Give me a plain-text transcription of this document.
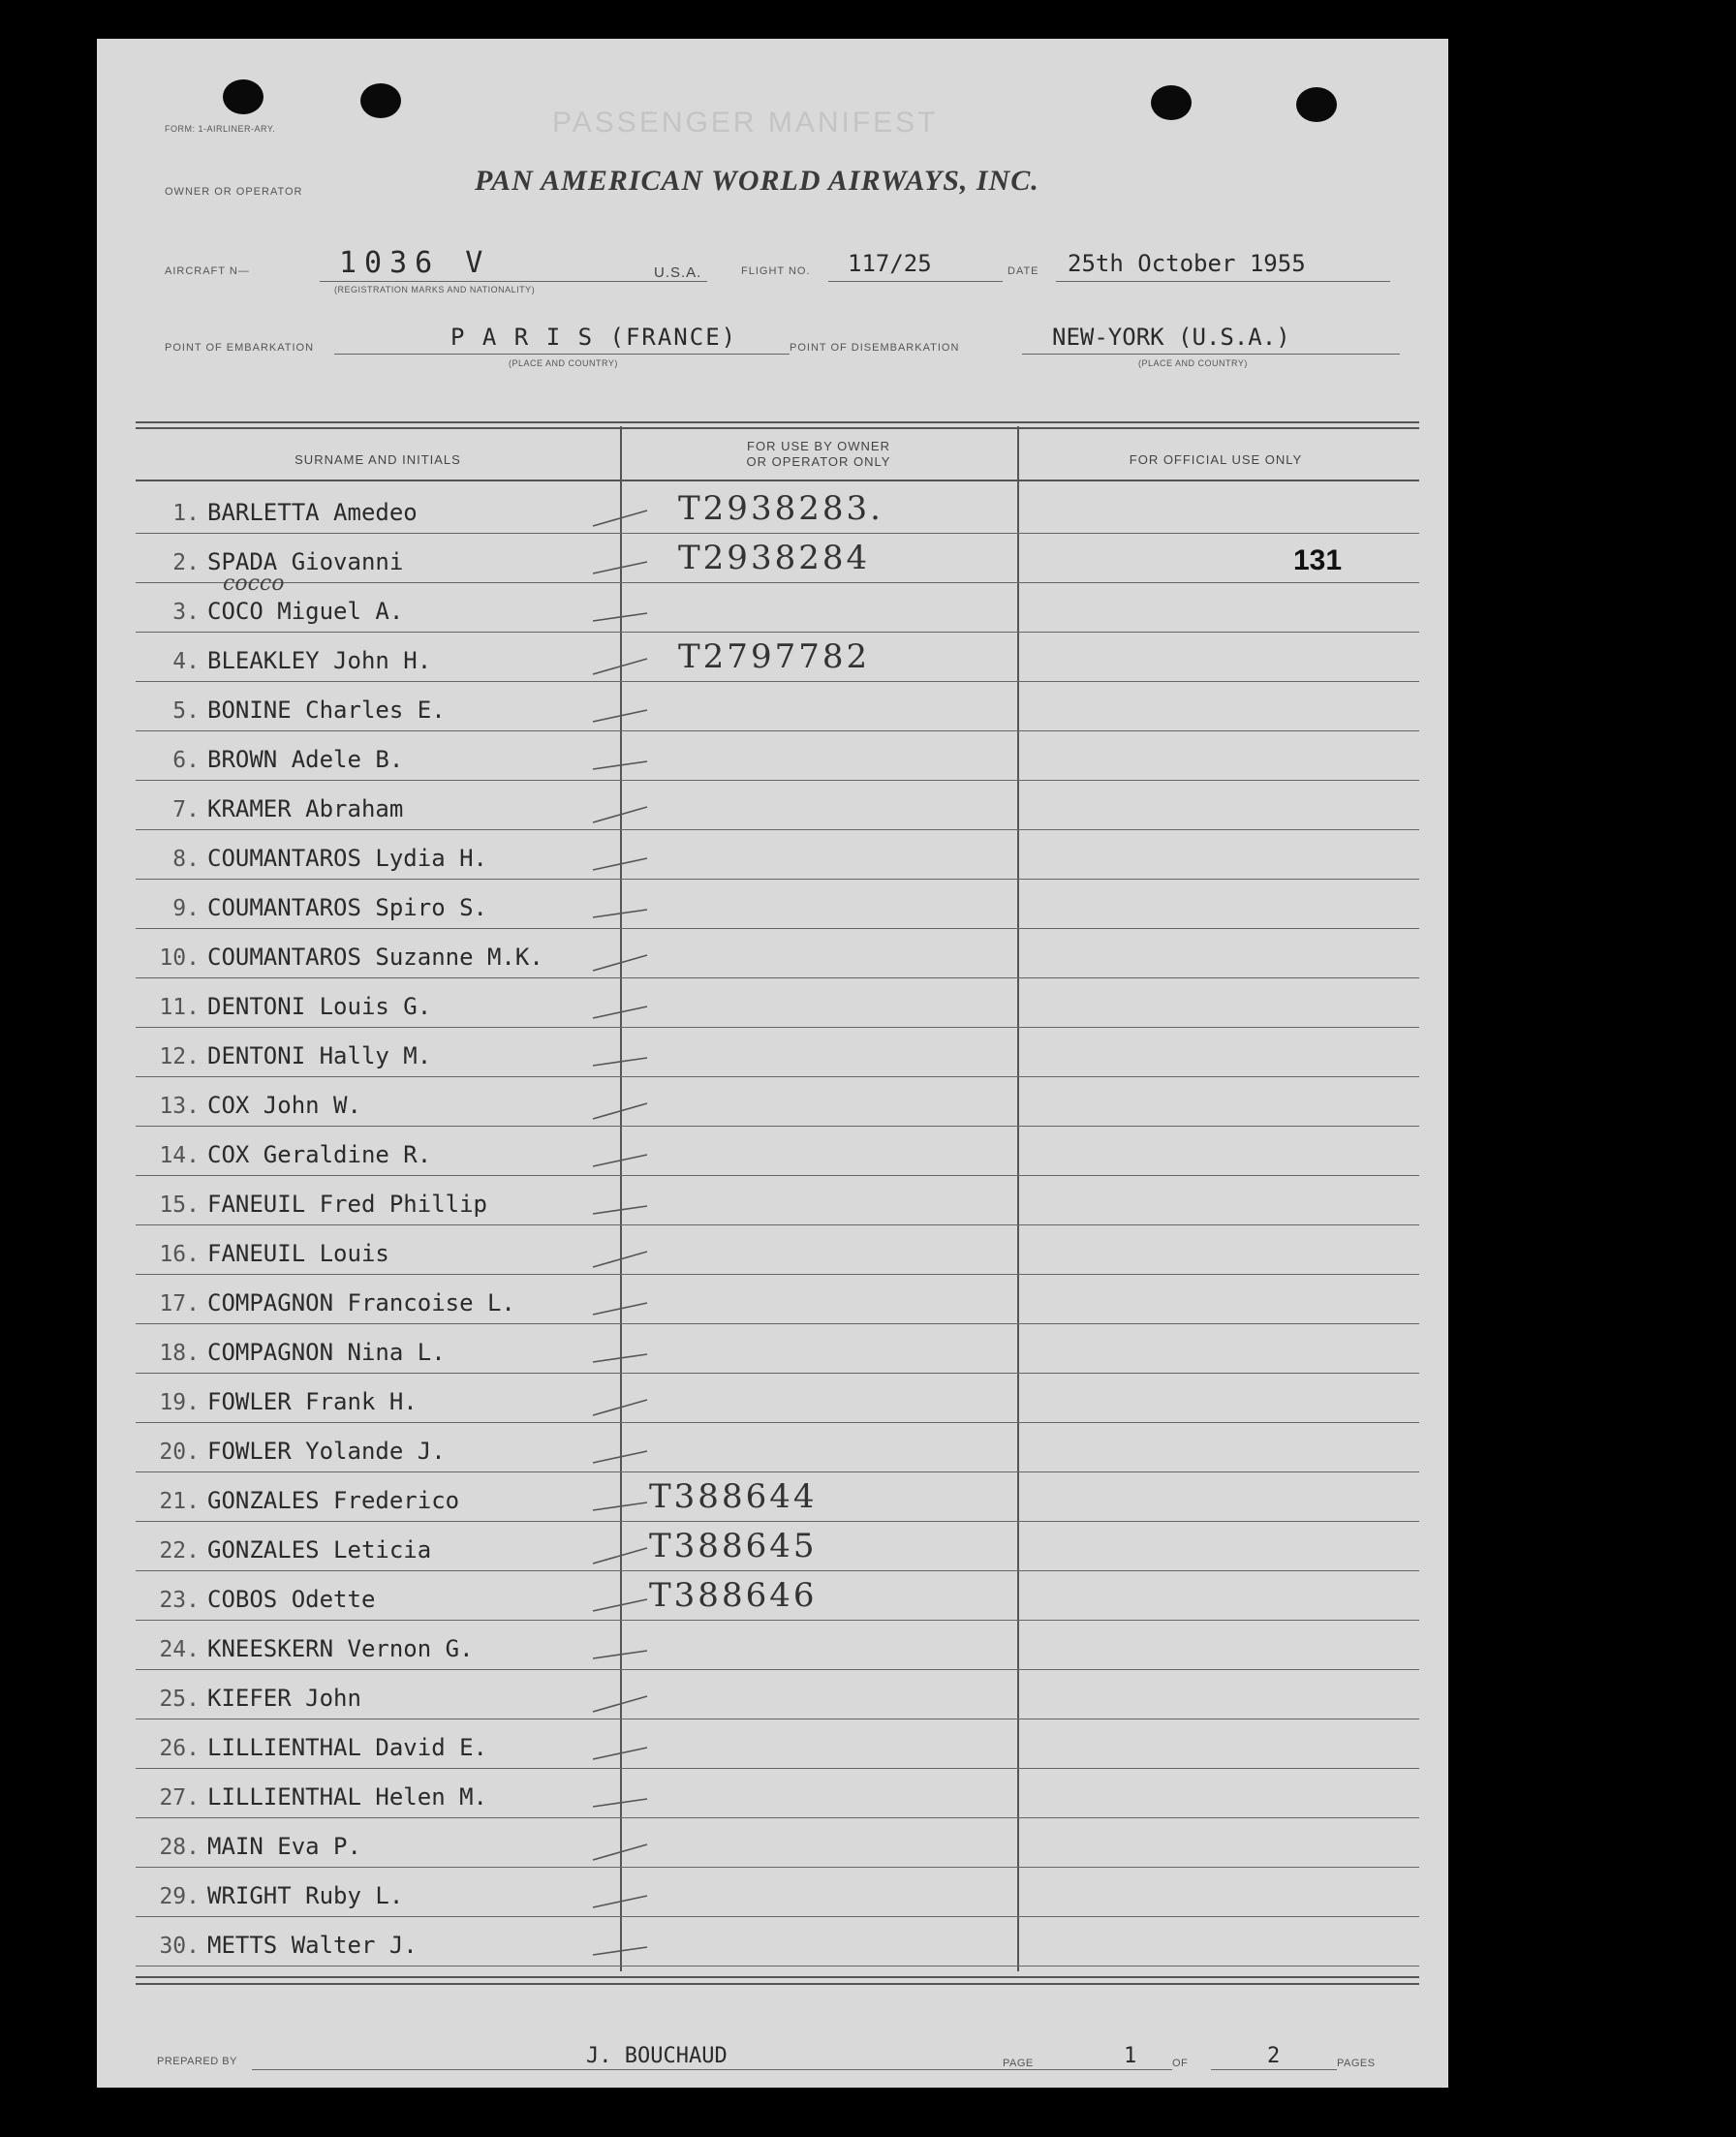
FORM: 1-AIRLINER-ARY.	PASSENGER MANIFEST
OWNER OR OPERATOR	PAN AMERICAN WORLD AIRWAYS, INC.
AIRCRAFT N—	1036 V
(REGISTRATION MARKS AND NATIONALITY)
U.S.A.	FLIGHT NO. 117/25	DATE 25th October 1955
POINT OF EMBARKATION	P A R I S (FRANCE)
(PLACE AND COUNTRY)
POINT OF DISEMBARKATION	NEW-YORK (U.S.A.)
(PLACE AND COUNTRY)
SURNAME AND INITIALS
FOR USE BY OWNER
OR OPERATOR ONLY	FOR OFFICIAL USE ONLY
1. BARLETTA Amedeo	T2938283.
2. SPADA Giovanni	T2938284	131
3. COCO Miguel A.
cocco
4. BLEAKLEY John H.	T2797782
5. BONINE Charles E.
6. BROWN Adele B.
7. KRAMER Abraham
8. COUMANTAROS Lydia H.
9. COUMANTAROS Spiro S.
10. COUMANTAROS Suzanne M.K.
11. DENTONI Louis G.
12. DENTONI Hally M.
13. COX John W.
14. COX Geraldine R.
15. FANEUIL Fred Phillip
16. FANEUIL Louis
17. COMPAGNON Francoise L.
18. COMPAGNON Nina L.
19. FOWLER Frank H.
20. FOWLER Yolande J.
21. GONZALES Frederico	T388644
22. GONZALES Leticia	T388645
23. COBOS Odette	T388646
24. KNEESKERN Vernon G.
25. KIEFER John
26. LILLIENTHAL David E.
27. LILLIENTHAL Helen M.
28. MAIN Eva P.
29. WRIGHT Ruby L.
30. METTS Walter J.
PREPARED BY	J. BOUCHAUD	PAGE	1	OF	2	PAGES
